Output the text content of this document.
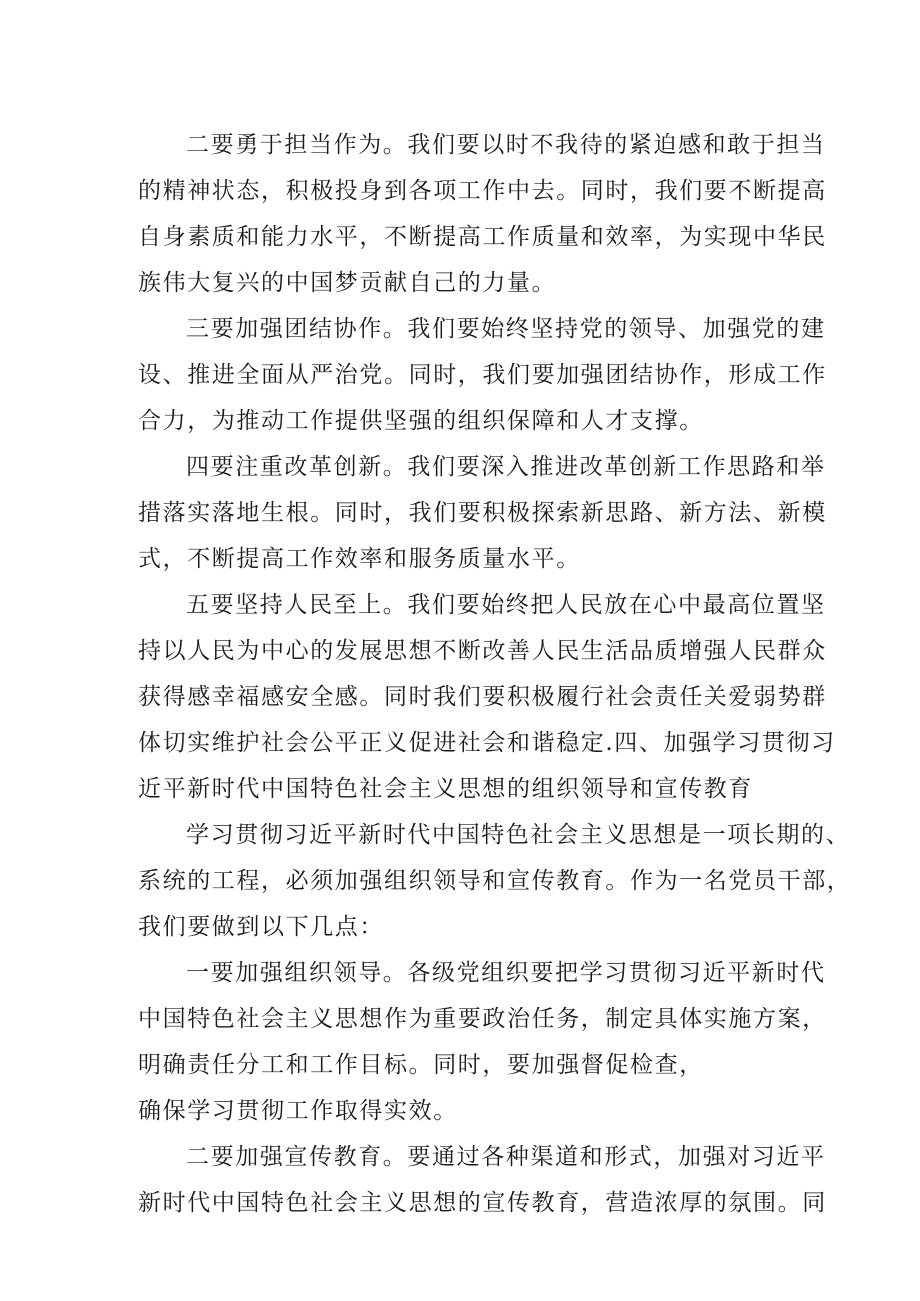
二要勇于担当作为。我们要以时不我待的紧迫感和敢于担当
的精神状态，积极投身到各项工作中去。同时，我们要不断提高
自身素质和能力水平，不断提高工作质量和效率，为实现中华民
族伟大复兴的中国梦贡献自己的力量。
三要加强团结协作。我们要始终坚持党的领导、加强党的建
设、推进全面从严治党。同时，我们要加强团结协作，形成工作
合力，为推动工作提供坚强的组织保障和人才支撑。
四要注重改革创新。我们要深入推进改革创新工作思路和举
措落实落地生根。同时，我们要积极探索新思路、新方法、新模
式，不断提高工作效率和服务质量水平。
五要坚持人民至上。我们要始终把人民放在心中最高位置坚
持以人民为中心的发展思想不断改善人民生活品质增强人民群众
获得感幸福感安全感。同时我们要积极履行社会责任关爱弱势群
体切实维护社会公平正义促进社会和谐稳定.四、加强学习贯彻习
近平新时代中国特色社会主义思想的组织领导和宣传教育
学习贯彻习近平新时代中国特色社会主义思想是一项长期的、
系统的工程，必须加强组织领导和宣传教育。作为一名党员干部，
我们要做到以下几点：
一要加强组织领导。各级党组织要把学习贯彻习近平新时代
中国特色社会主义思想作为重要政治任务，制定具体实施方案，
明确责任分工和工作目标。同时，要加强督促检查，
确保学习贯彻工作取得实效。
二要加强宣传教育。要通过各种渠道和形式，加强对习近平
新时代中国特色社会主义思想的宣传教育，营造浓厚的氛围。同
